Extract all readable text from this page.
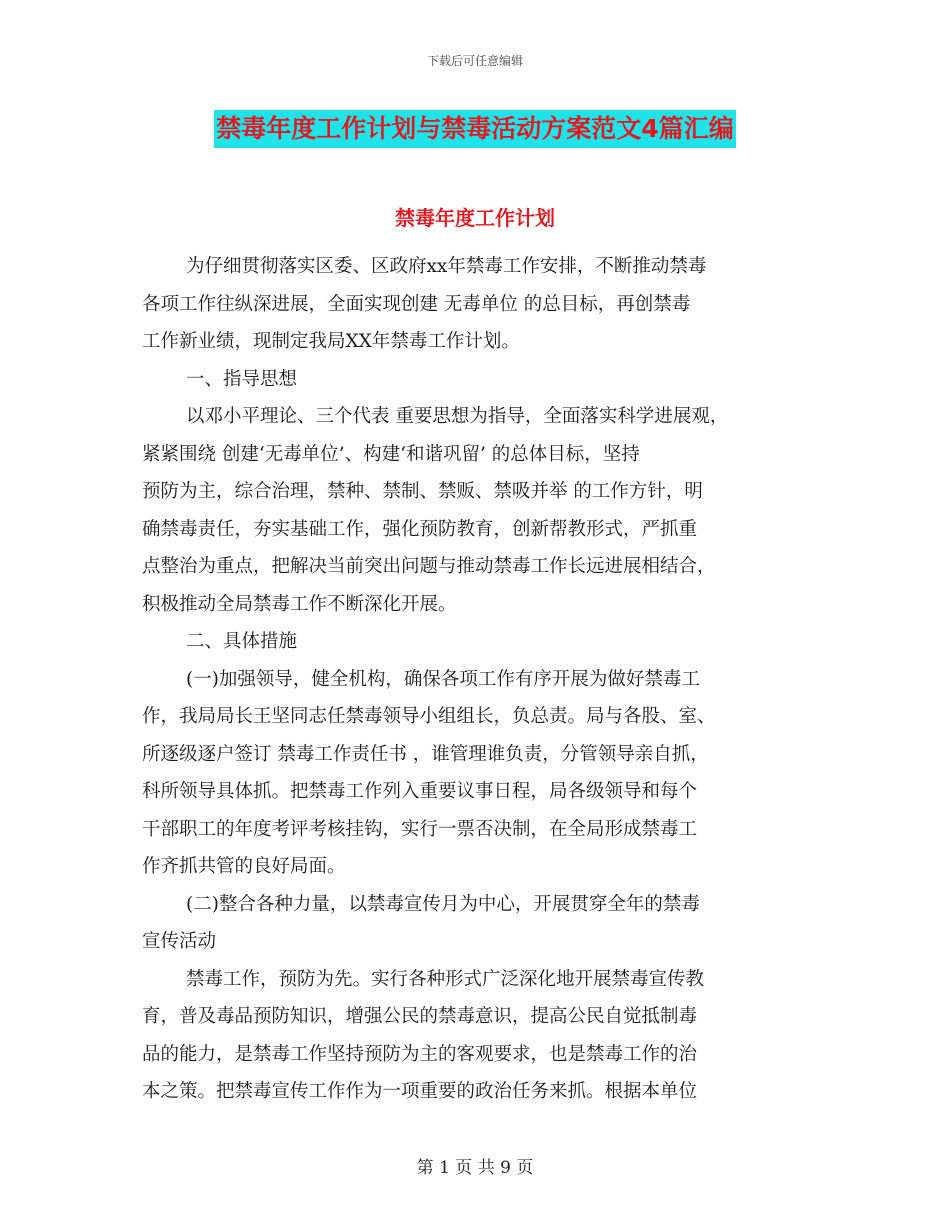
下载后可任意编辑
禁毒年度工作计划与禁毒活动方案范文4篇汇编
禁毒年度工作计划
为仔细贯彻落实区委、区政府xx年禁毒工作安排，不断推动禁毒
各项工作往纵深进展，全面实现创建 无毒单位 的总目标，再创禁毒
工作新业绩，现制定我局XX年禁毒工作计划。
一、指导思想
以邓小平理论、三个代表 重要思想为指导，全面落实科学进展观，
紧紧围绕 创建‘无毒单位’、构建‘和谐巩留’ 的总体目标，坚持
预防为主，综合治理，禁种、禁制、禁贩、禁吸并举 的工作方针，明
确禁毒责任，夯实基础工作，强化预防教育，创新帮教形式，严抓重
点整治为重点，把解决当前突出问题与推动禁毒工作长远进展相结合，
积极推动全局禁毒工作不断深化开展。
二、具体措施
(一)加强领导，健全机构，确保各项工作有序开展为做好禁毒工
作，我局局长王坚同志任禁毒领导小组组长，负总责。局与各股、室、
所逐级逐户签订 禁毒工作责任书 ，谁管理谁负责，分管领导亲自抓，
科所领导具体抓。把禁毒工作列入重要议事日程，局各级领导和每个
干部职工的年度考评考核挂钩，实行一票否决制，在全局形成禁毒工
作齐抓共管的良好局面。
(二)整合各种力量，以禁毒宣传月为中心，开展贯穿全年的禁毒
宣传活动
禁毒工作，预防为先。实行各种形式广泛深化地开展禁毒宣传教
育，普及毒品预防知识，增强公民的禁毒意识，提高公民自觉抵制毒
品的能力，是禁毒工作坚持预防为主的客观要求，也是禁毒工作的治
本之策。把禁毒宣传工作作为一项重要的政治任务来抓。根据本单位
第 1 页 共 9 页
